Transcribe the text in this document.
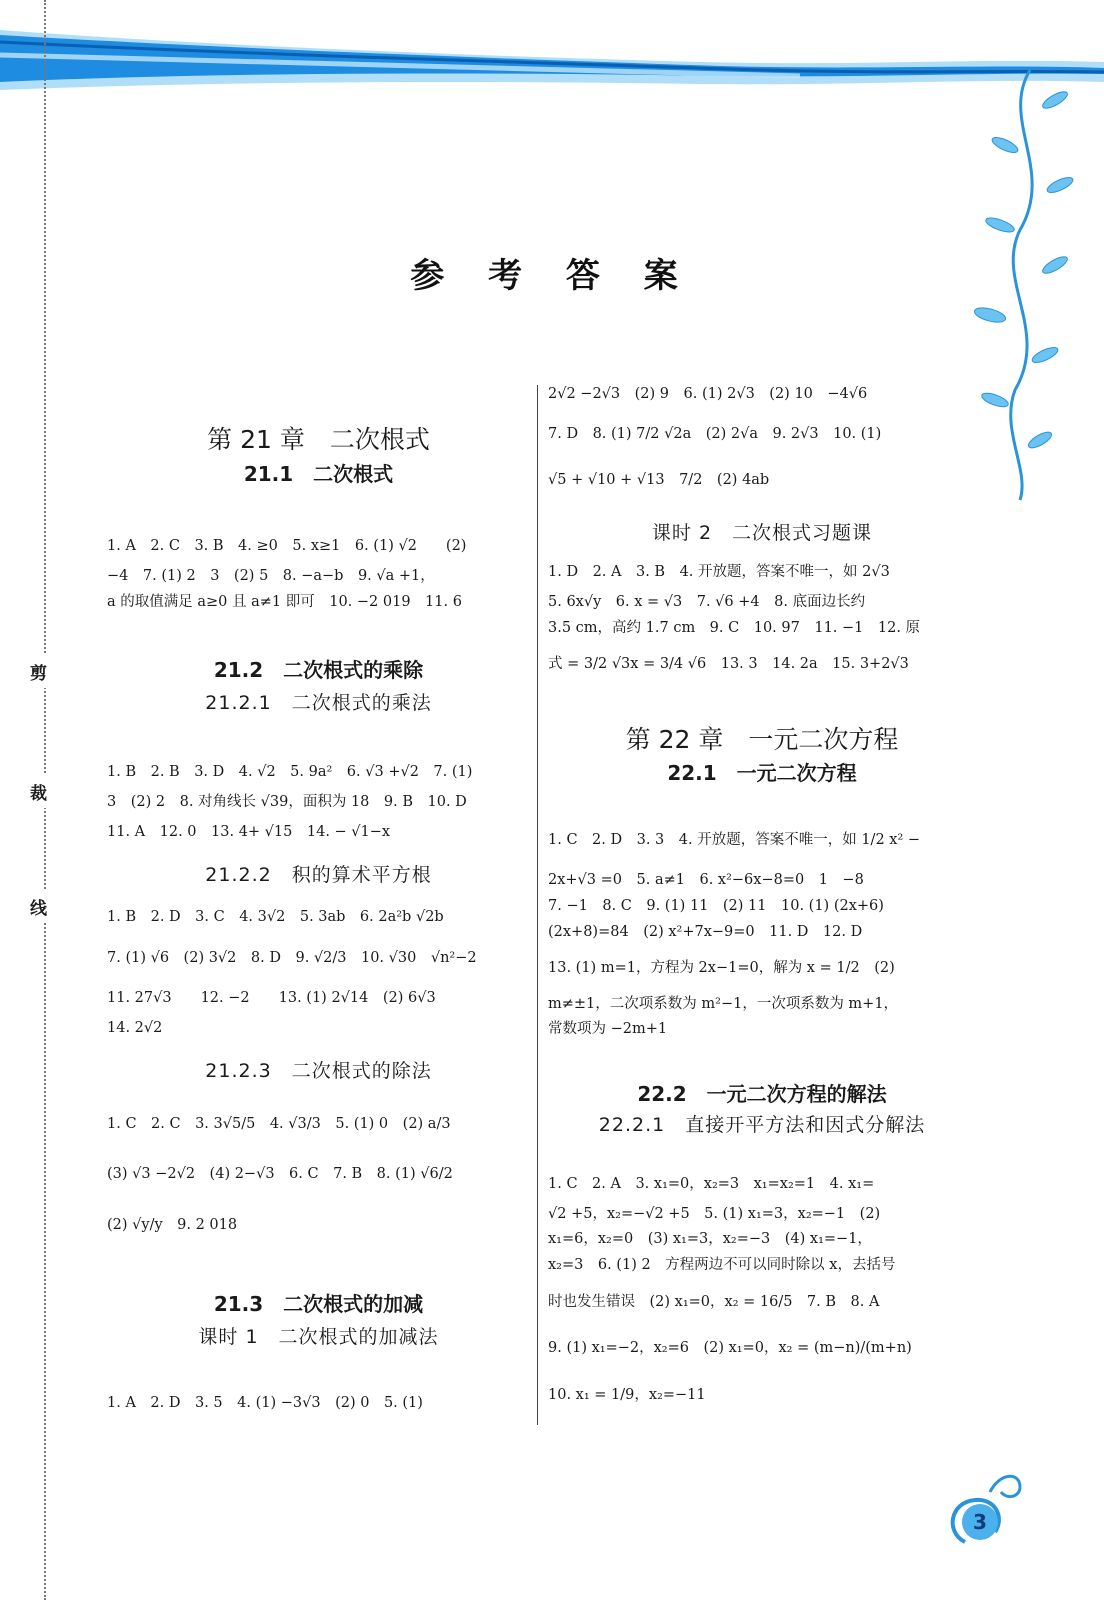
剪
裁
线
参 考 答 案
第 21 章　二次根式
21.1　二次根式
1. A　2. C　3. B　4. ≥0　5. x≥1　6. (1) √2　　(2)
−4　7. (1) 2　3　(2) 5　8. −a−b　9. √a +1，
a 的取值满足 a≥0 且 a≠1 即可　10. −2 019　11. 6
21.2　二次根式的乘除
21.2.1　二次根式的乘法
1. B　2. B　3. D　4. √2　5. 9a²　6. √3 +√2　7. (1)
3　(2) 2　8. 对角线长 √39，面积为 18　9. B　10. D
11. A　12. 0　13. 4+ √15　14. − √1−x
21.2.2　积的算术平方根
1. B　2. D　3. C　4. 3√2　5. 3ab　6. 2a²b √2b
7. (1) √6　(2) 3√2　8. D　9. √2/3　10. √30　√n²−2
11. 27√3　　12. −2　　13. (1) 2√14　(2) 6√3
14. 2√2
21.2.3　二次根式的除法
1. C　2. C　3. 3√5/5　4. √3/3　5. (1) 0　(2) a/3
(3) √3 −2√2　(4) 2−√3　6. C　7. B　8. (1) √6/2
(2) √y/y　9. 2 018
21.3　二次根式的加减
课时 1　二次根式的加减法
1. A　2. D　3. 5　4. (1) −3√3　(2) 0　5. (1)
2√2 −2√3　(2) 9　6. (1) 2√3　(2) 10　−4√6
7. D　8. (1) 7/2 √2a　(2) 2√a　9. 2√3　10. (1)
√5 + √10 + √13　7/2　(2) 4ab
课时 2　二次根式习题课
1. D　2. A　3. B　4. 开放题，答案不唯一，如 2√3
5. 6x√y　6. x = √3　7. √6 +4　8. 底面边长约
3.5 cm，高约 1.7 cm　9. C　10. 97　11. −1　12. 原
式 = 3/2 √3x = 3/4 √6　13. 3　14. 2a　15. 3+2√3
第 22 章　一元二次方程
22.1　一元二次方程
1. C　2. D　3. 3　4. 开放题，答案不唯一，如 1/2 x² −
2x+√3 =0　5. a≠1　6. x²−6x−8=0　1　−8
7. −1　8. C　9. (1) 11　(2) 11　10. (1) (2x+6)
(2x+8)=84　(2) x²+7x−9=0　11. D　12. D
13. (1) m=1，方程为 2x−1=0，解为 x = 1/2　(2)
m≠±1，二次项系数为 m²−1，一次项系数为 m+1，
常数项为 −2m+1
22.2　一元二次方程的解法
22.2.1　直接开平方法和因式分解法
1. C　2. A　3. x₁=0，x₂=3　x₁=x₂=1　4. x₁=
√2 +5，x₂=−√2 +5　5. (1) x₁=3，x₂=−1　(2)
x₁=6，x₂=0　(3) x₁=3，x₂=−3　(4) x₁=−1，
x₂=3　6. (1) 2　方程两边不可以同时除以 x，去括号
时也发生错误　(2) x₁=0，x₂ = 16/5　7. B　8. A
9. (1) x₁=−2，x₂=6　(2) x₁=0，x₂ = (m−n)/(m+n)
10. x₁ = 1/9，x₂=−11
3
